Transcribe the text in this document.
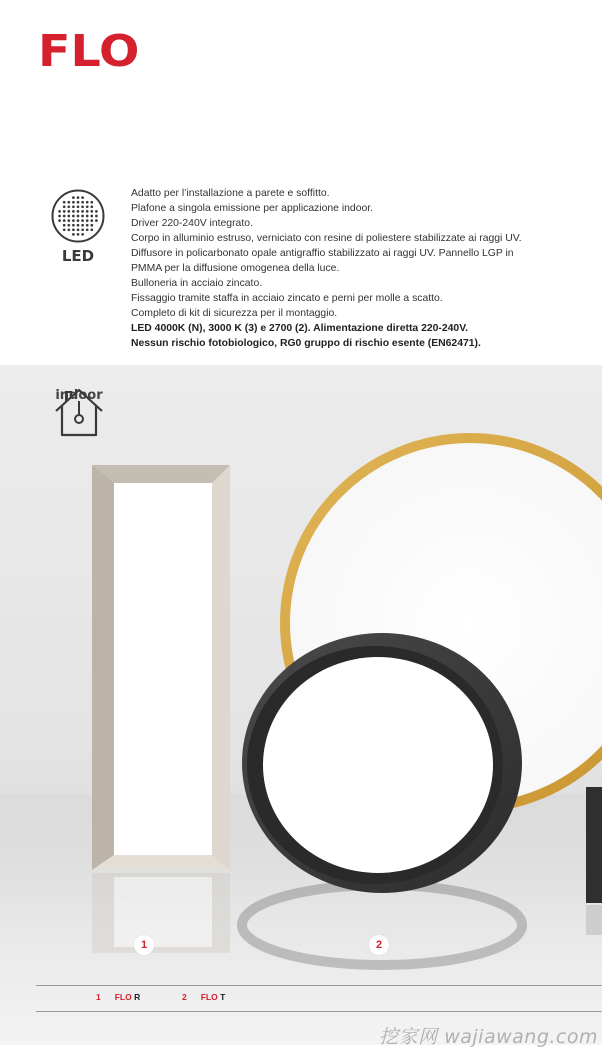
FLO
LED

Adatto per l’installazione a parete e soffitto.

Plafone a singola emissione per applicazione indoor.

Driver 220-240V integrato.

Corpo in alluminio estruso, verniciato con resine di poliestere stabilizzate ai raggi UV.

Diffusore in policarbonato opale antigraffio stabilizzato ai raggi UV. Pannello LGP in

PMMA per la diffusione omogenea della luce.

Bulloneria in acciaio zincato.

Fissaggio tramite staffa in acciaio zincato e perni per molle a scatto.

Completo di kit di sicurezza per il montaggio.

LED 4000K (N), 3000 K (3) e 2700 (2). Alimentazione diretta 220-240V.

Nessun rischio fotobiologico, RG0 gruppo di rischio esente (EN62471).

indoor
1	2
1 FLO R	2 FLO T
挖家网 wajiawang.com
